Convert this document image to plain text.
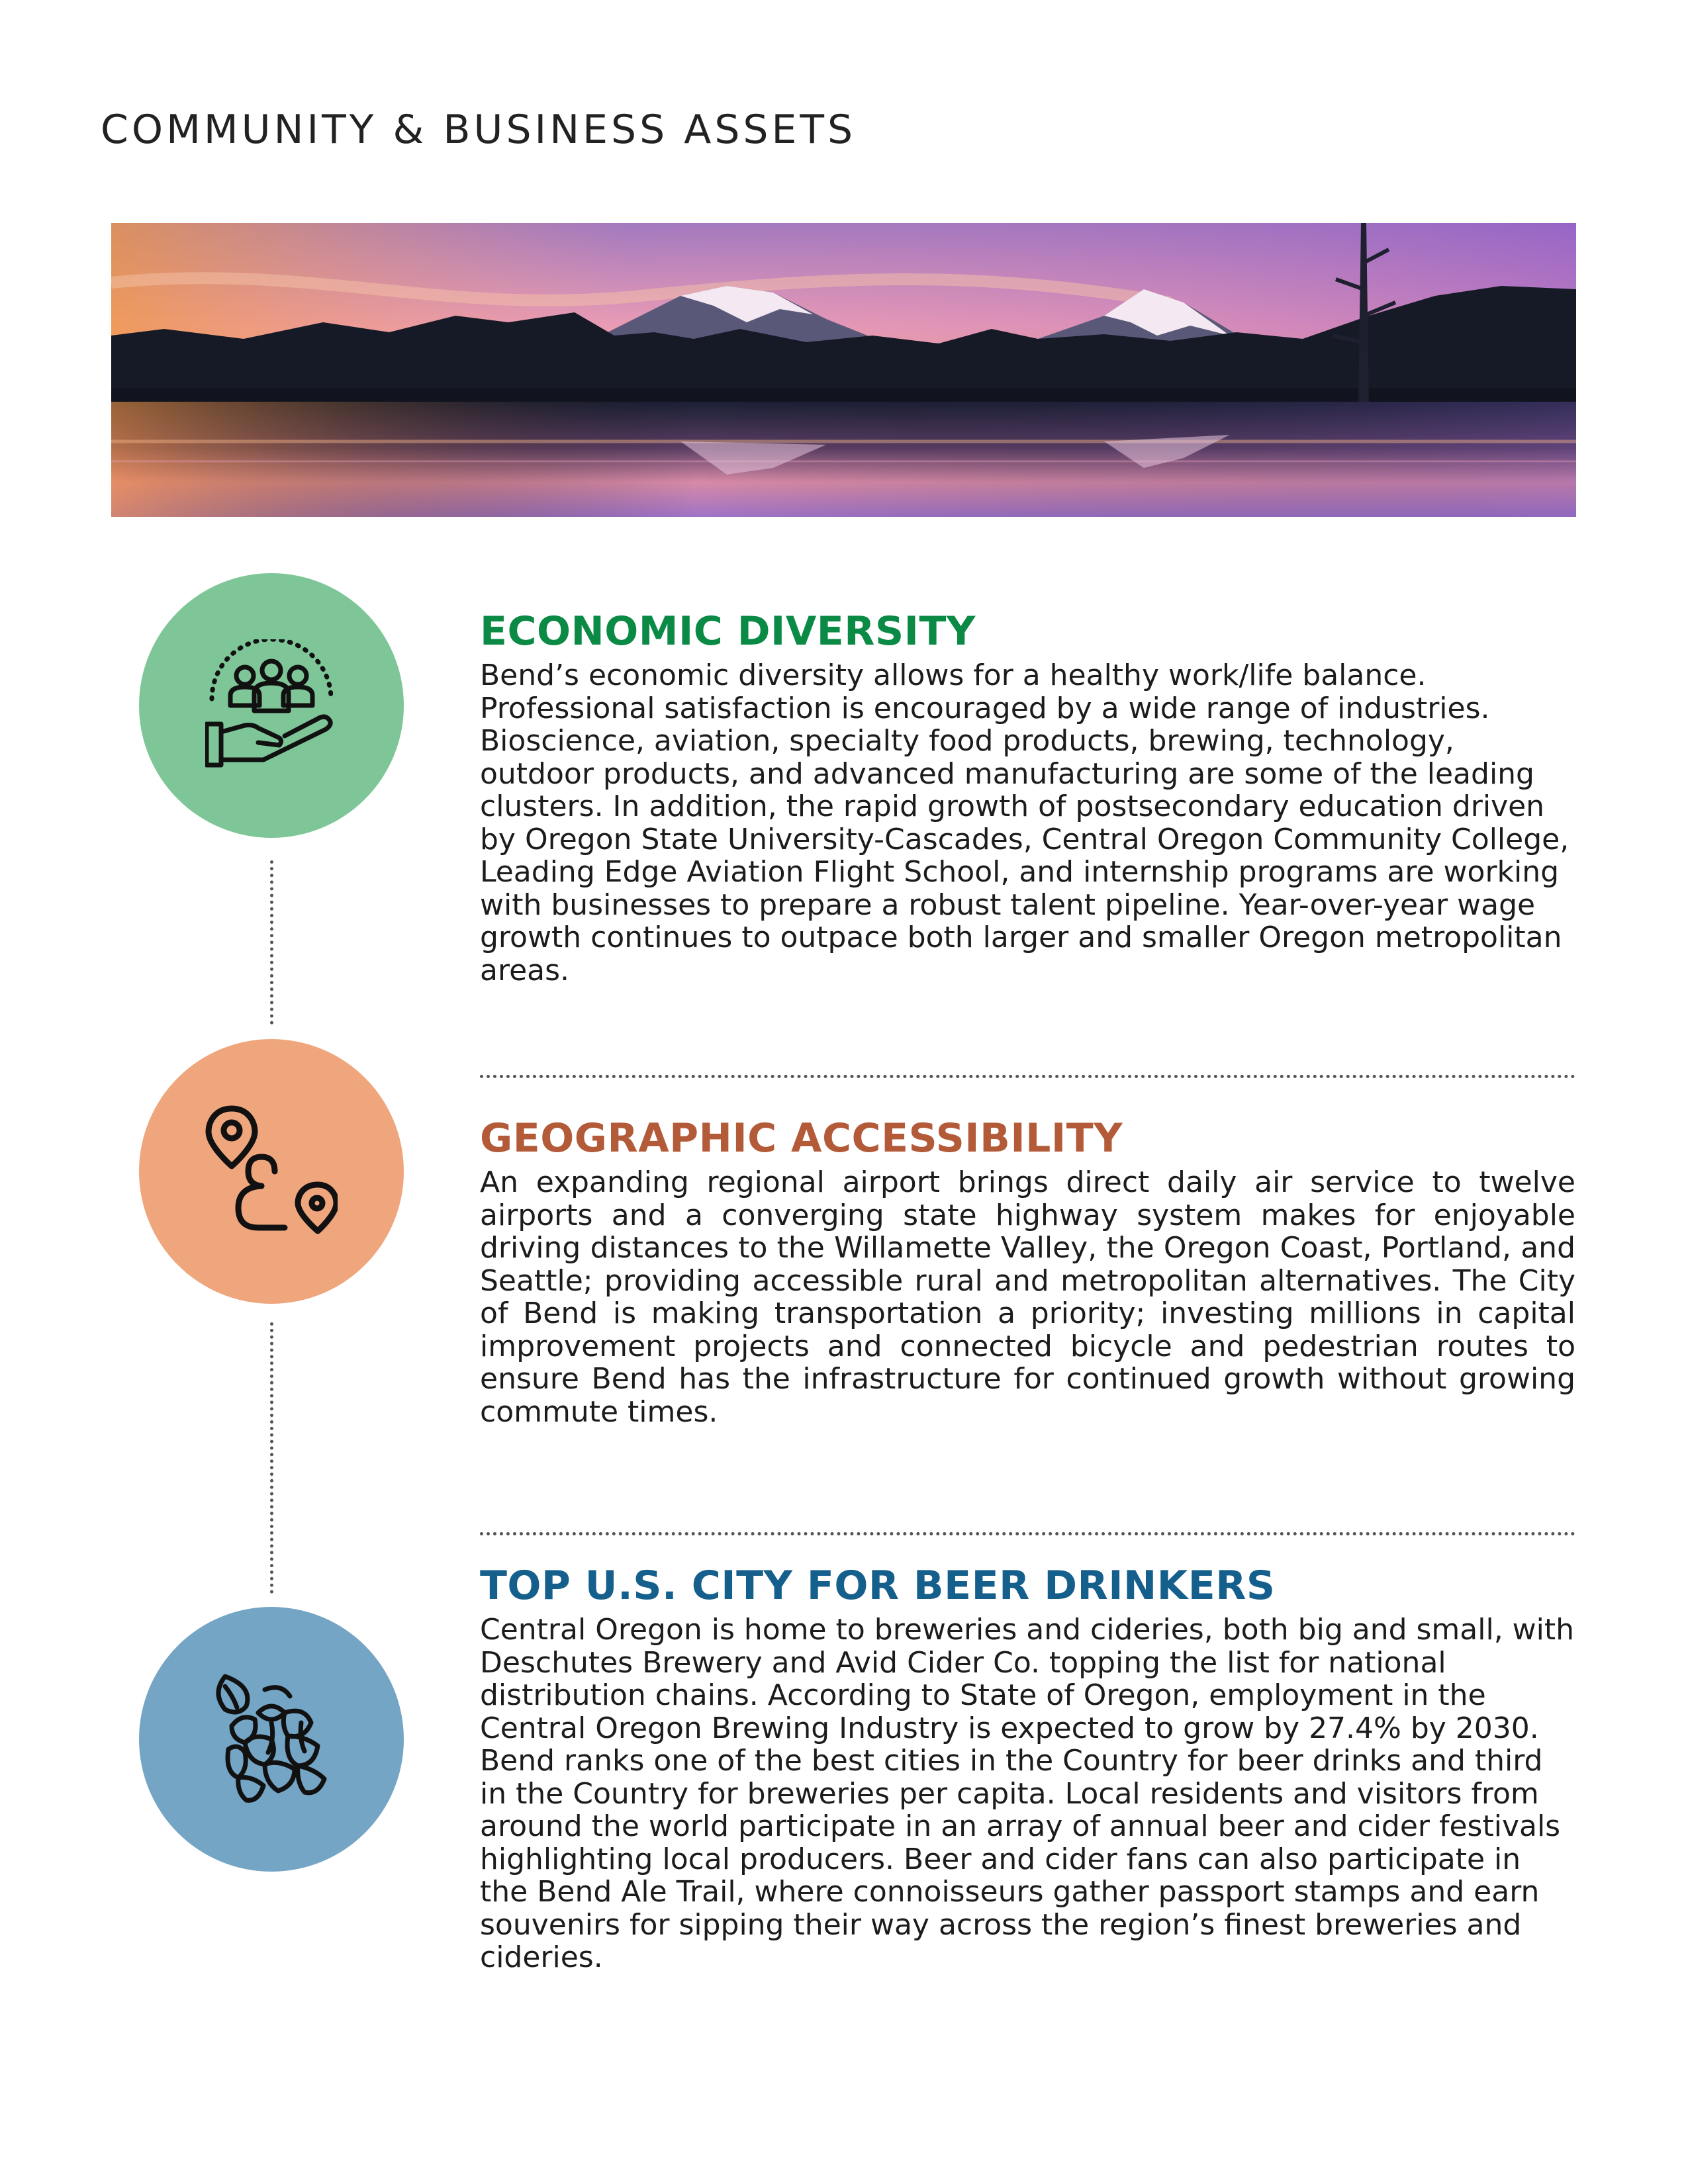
COMMUNITY & BUSINESS ASSETS
ECONOMIC DIVERSITY

Bend’s economic diversity allows for a healthy work/life balance. Professional satisfaction is encouraged by a wide range of industries. Bioscience, aviation, specialty food products, brewing, technology, outdoor products, and advanced manufacturing are some of the leading clusters. In addition, the rapid growth of postsecondary education driven by Oregon State University-Cascades, Central Oregon Community College, Leading Edge Aviation Flight School, and internship programs are working with businesses to prepare a robust talent pipeline. Year-over-year wage growth continues to outpace both larger and smaller Oregon metropolitan areas.

GEOGRAPHIC ACCESSIBILITY

An expanding regional airport brings direct daily air service to twelve airports and a converging state highway system makes for enjoyable driving distances to the Willamette Valley, the Oregon Coast, Portland, and Seattle; providing accessible rural and metropolitan alternatives. The City of Bend is making transportation a priority; investing millions in capital improvement projects and connected bicycle and pedestrian routes to ensure Bend has the infrastructure for continued growth without growing commute times.

TOP U.S. CITY FOR BEER DRINKERS

Central Oregon is home to breweries and cideries, both big and small, with Deschutes Brewery and Avid Cider Co. topping the list for national distribution chains. According to State of Oregon, employment in the Central Oregon Brewing Industry is expected to grow by 27.4% by 2030. Bend ranks one of the best cities in the Country for beer drinks and third in the Country for breweries per capita. Local residents and visitors from around the world participate in an array of annual beer and cider festivals highlighting local producers. Beer and cider fans can also participate in the Bend Ale Trail, where connoisseurs gather passport stamps and earn souvenirs for sipping their way across the region’s finest breweries and cideries.
